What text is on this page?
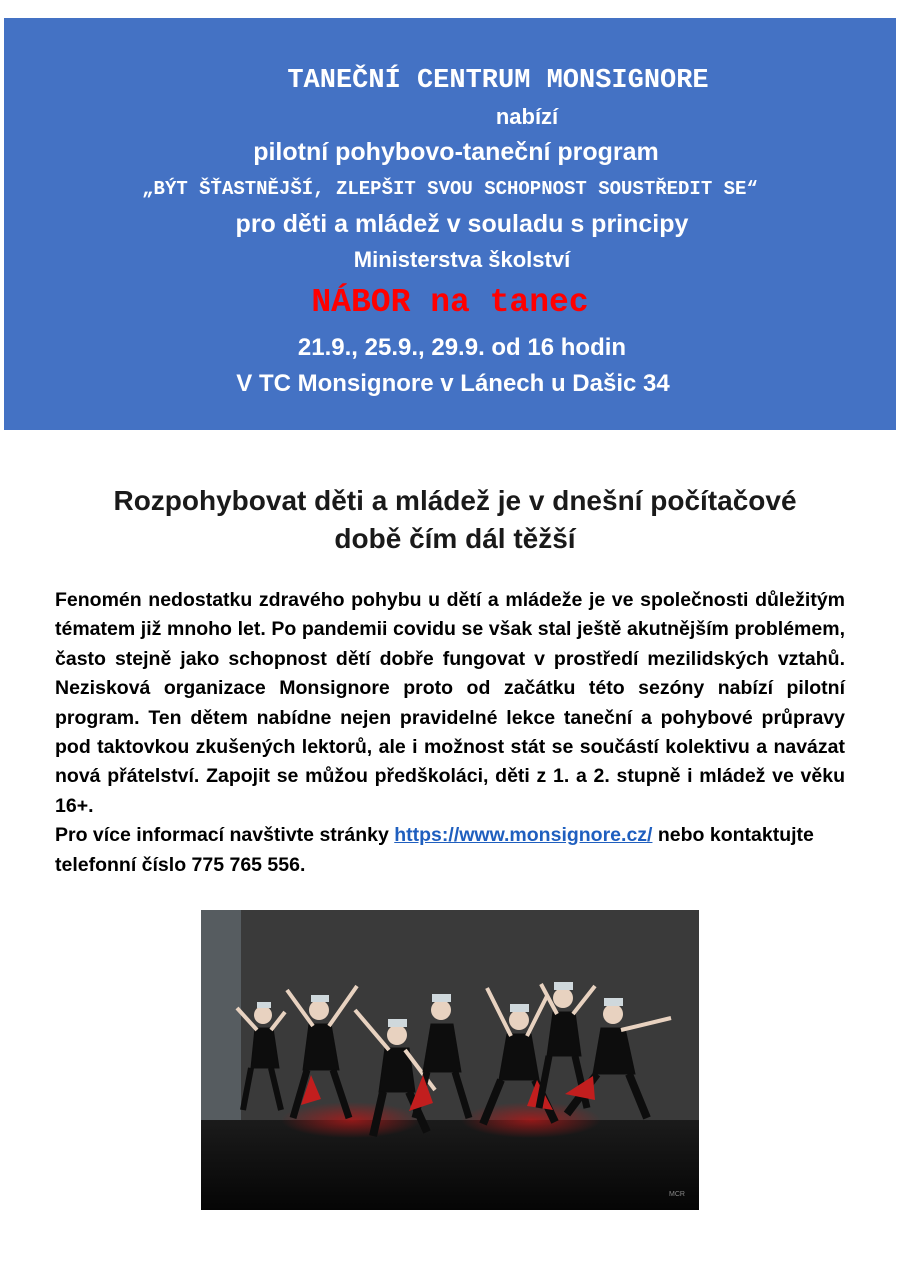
TANEČNÍ CENTRUM MONSIGNORE
nabízí
pilotní pohybovo-taneční program
„BÝT ŠŤASTNĚJŠÍ, ZLEPŠIT SVOU SCHOPNOST SOUSTŘEDIT SE“
pro děti a mládež v souladu s principy
Ministerstva školství
NÁBOR na tanec
21.9., 25.9., 29.9. od 16 hodin
V TC Monsignore v Lánech u Dašic 34
Rozpohybovat děti a mládež je v dnešní počítačové
době čím dál těžší

Fenomén nedostatku zdravého pohybu u dětí a mládeže je ve společnosti důležitým tématem již mnoho let. Po pandemii covidu se však stal ještě akutnějším problémem, často stejně jako schopnost dětí dobře fungovat v prostředí mezilidských vztahů. Nezisková organizace Monsignore proto od začátku této sezóny nabízí pilotní program. Ten dětem nabídne nejen pravidelné lekce taneční a pohybové průpravy pod taktovkou zkušených lektorů, ale i možnost stát se součástí kolektivu a navázat nová přátelství. Zapojit se můžou předškoláci, děti z 1. a 2. stupně i mládež ve věku 16+.

Pro více informací navštivte stránky https://www.monsignore.cz/ nebo kontaktujte telefonní číslo 775 765 556.

MCR
